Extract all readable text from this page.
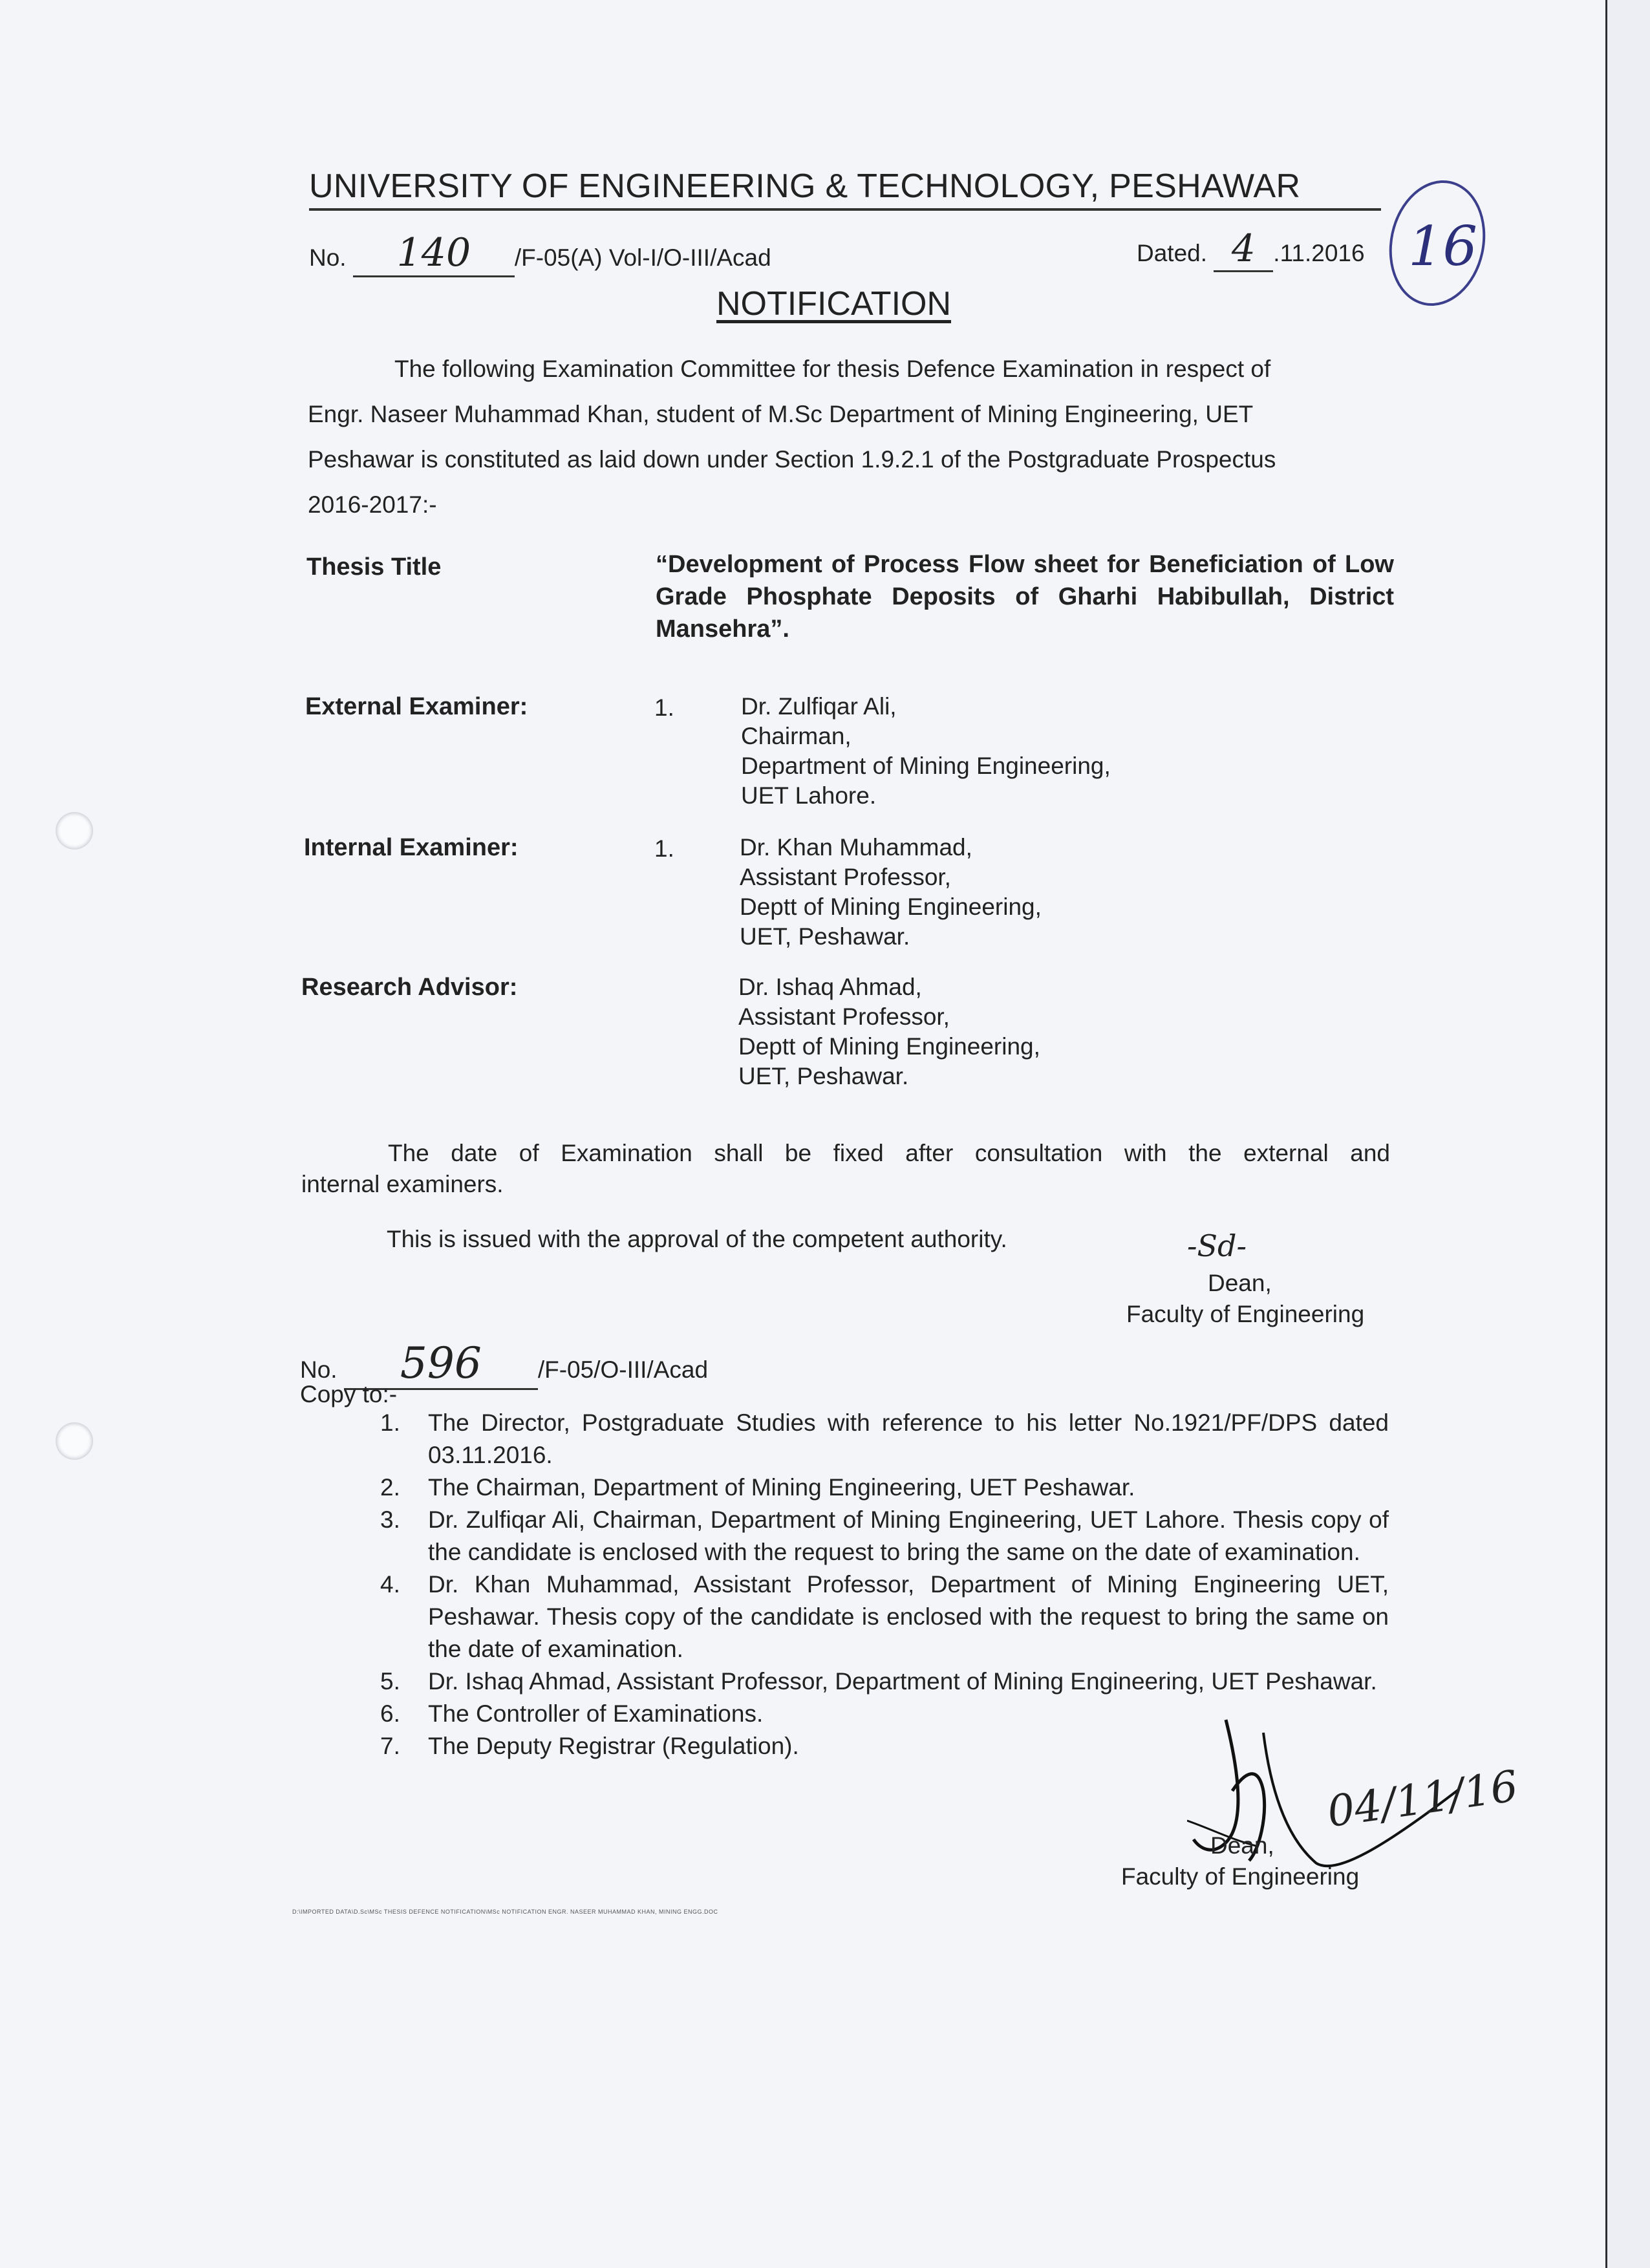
UNIVERSITY OF ENGINEERING & TECHNOLOGY, PESHAWAR
No. 140 /F-05(A) Vol-I/O-III/Acad	Dated. 4 .11.2016 16
NOTIFICATION
The following Examination Committee for thesis Defence Examination in respect of
Engr. Naseer Muhammad Khan, student of M.Sc Department of Mining Engineering, UET
Peshawar is constituted as laid down under Section 1.9.2.1 of the Postgraduate Prospectus
2016-2017:-
Thesis Title	“Development of Process Flow sheet for Beneficiation of Low Grade Phosphate Deposits of Gharhi Habibullah, District Mansehra”.
External Examiner:	1.	Dr. Zulfiqar Ali,
Chairman,
Department of Mining Engineering,
UET Lahore.
Internal Examiner:	1.	Dr. Khan Muhammad,
Assistant Professor,
Deptt of Mining Engineering,
UET, Peshawar.
Research Advisor:	Dr. Ishaq Ahmad,
Assistant Professor,
Deptt of Mining Engineering,
UET, Peshawar.
The date of Examination shall be fixed after consultation with the external and
internal examiners.
This is issued with the approval of the competent authority.	-Sd-
Dean,
Faculty of Engineering
No. 596 /F-05/O-III/Acad
Copy to:-
1. The Director, Postgraduate Studies with reference to his letter No.1921/PF/DPS dated 03.11.2016.
2. The Chairman, Department of Mining Engineering, UET Peshawar.
3. Dr. Zulfiqar Ali, Chairman, Department of Mining Engineering, UET Lahore. Thesis copy of the candidate is enclosed with the request to bring the same on the date of examination.
4. Dr. Khan Muhammad, Assistant Professor, Department of Mining Engineering UET, Peshawar. Thesis copy of the candidate is enclosed with the request to bring the same on the date of examination.
5. Dr. Ishaq Ahmad, Assistant Professor, Department of Mining Engineering, UET Peshawar.
6. The Controller of Examinations.
7. The Deputy Registrar (Regulation).
04/11/16
Dean,
Faculty of Engineering
D:\IMPORTED DATA\D.Sc\MSc THESIS DEFENCE NOTIFICATION\MSc NOTIFICATION ENGR. NASEER MUHAMMAD KHAN, MINING ENGG.DOC
